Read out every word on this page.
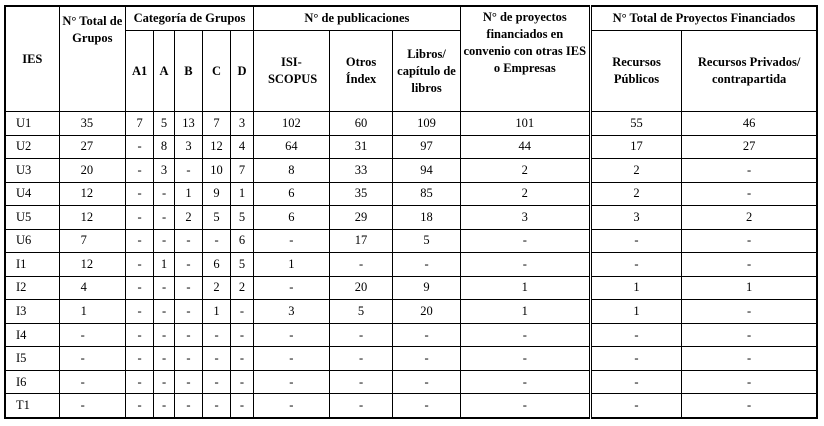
IES	N° Total de Grupos	Categoría de Grupos					N° de publicaciones			N° de proyectos financiados en convenio con otras IES o Empresas	N° Total de Proyectos Financiados	
		A1	A	B	C	D	ISI-SCOPUS	Otros Índex	Libros/ capítulo de libros		Recursos Públicos	Recursos Privados/ contrapartida
U1	35	7	5	13	7	3	102	60	109	101	55	46
U2	27	-	8	3	12	4	64	31	97	44	17	27
U3	20	-	3	-	10	7	8	33	94	2	2	-
U4	12	-	-	1	9	1	6	35	85	2	2	-
U5	12	-	-	2	5	5	6	29	18	3	3	2
U6	7	-	-	-	-	6	-	17	5	-	-	-
I1	12	-	1	-	6	5	1	-	-	-	-	-
I2	4	-	-	-	2	2	-	20	9	1	1	1
I3	1	-	-	-	1	-	3	5	20	1	1	-
I4	-	-	-	-	-	-	-	-	-	-	-	-
I5	-	-	-	-	-	-	-	-	-	-	-	-
I6	-	-	-	-	-	-	-	-	-	-	-	-
T1	-	-	-	-	-	-	-	-	-	-	-	-
